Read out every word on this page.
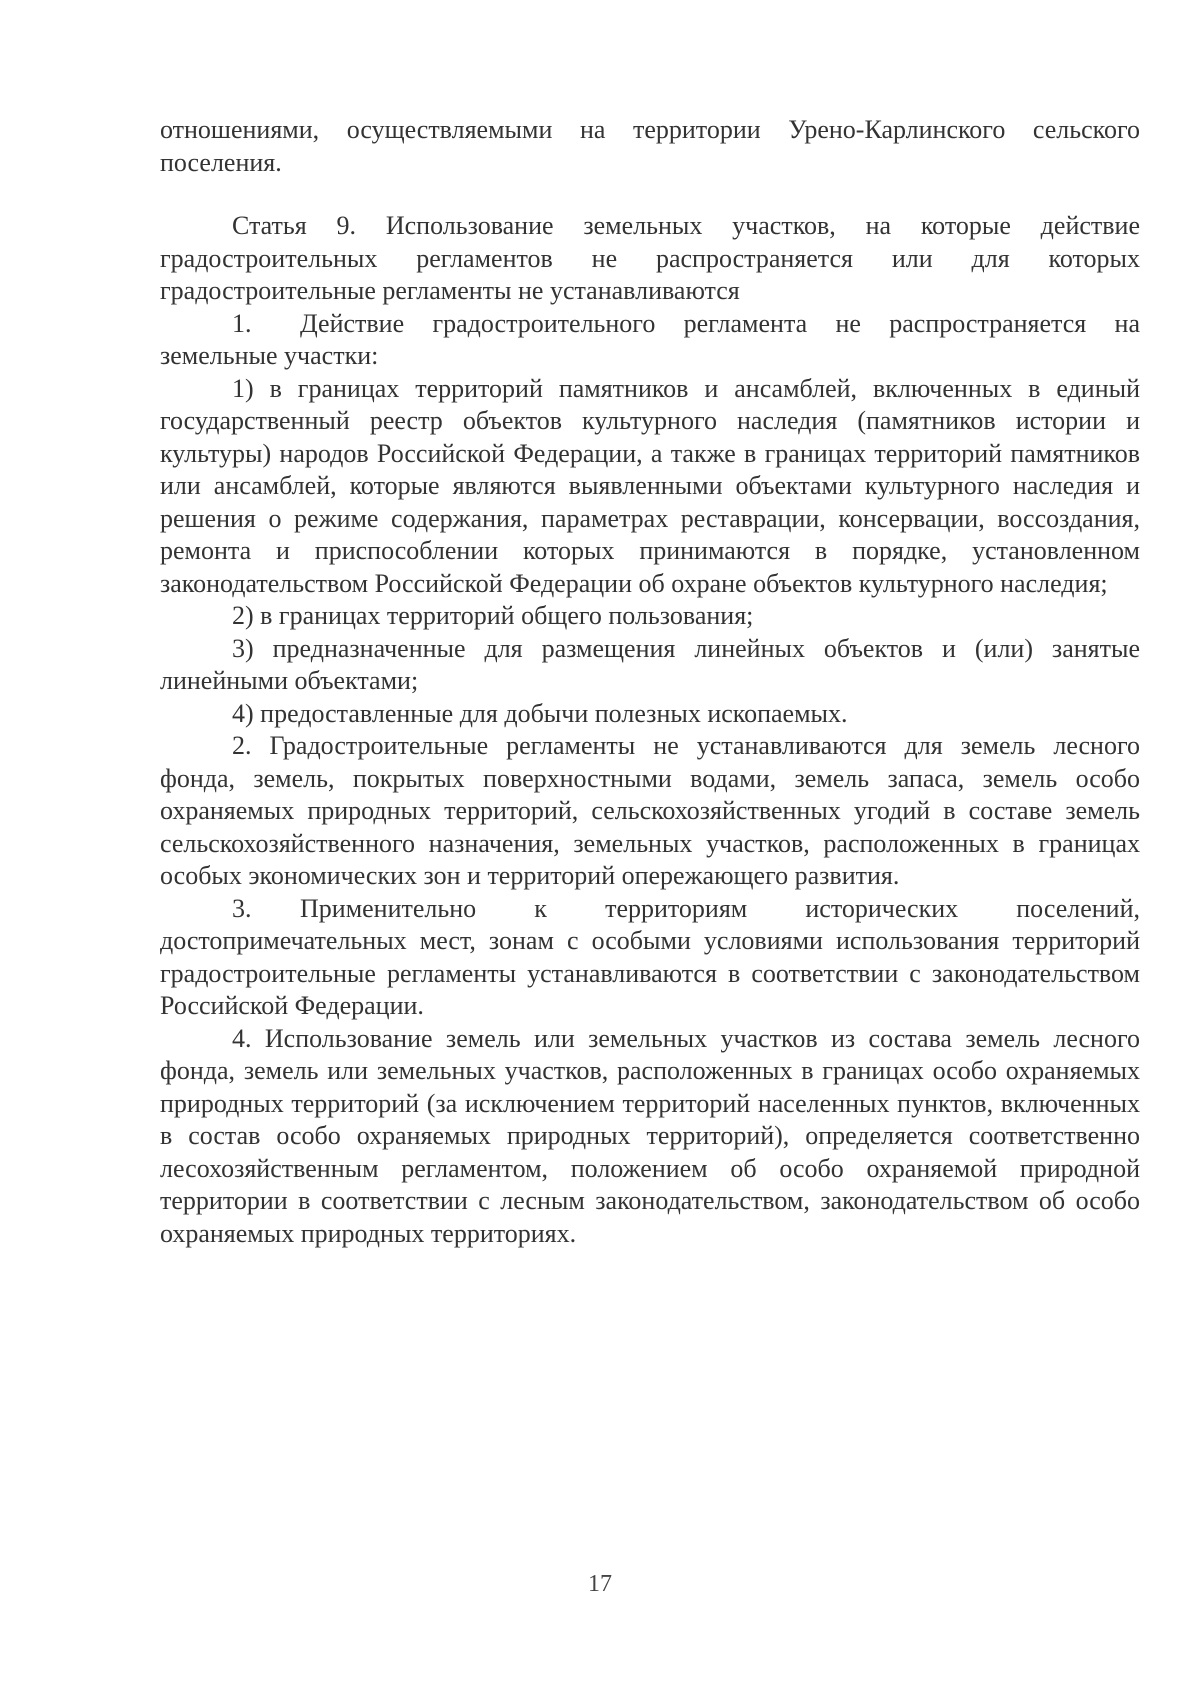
отношениями, осуществляемыми на территории Урено-Карлинского сельского поселения.

Статья 9. Использование земельных участков, на которые действие градостроительных регламентов не распространяется или для которых градостроительные регламенты не устанавливаются

1. Действие градостроительного регламента не распространяется на земельные участки:

1) в границах территорий памятников и ансамблей, включенных в единый государственный реестр объектов культурного наследия (памятников истории и культуры) народов Российской Федерации, а также в границах территорий памятников или ансамблей, которые являются выявленными объектами культурного наследия и решения о режиме содержания, параметрах реставрации, консервации, воссоздания, ремонта и приспособлении которых принимаются в порядке, установленном законодательством Российской Федерации об охране объектов культурного наследия;

2) в границах территорий общего пользования;

3) предназначенные для размещения линейных объектов и (или) занятые линейными объектами;

4) предоставленные для добычи полезных ископаемых.

2. Градостроительные регламенты не устанавливаются для земель лесного фонда, земель, покрытых поверхностными водами, земель запаса, земель особо охраняемых природных территорий, сельскохозяйственных угодий в составе земель сельскохозяйственного назначения, земельных участков, расположенных в границах особых экономических зон и территорий опережающего развития.

3. Применительно к территориям исторических поселений, достопримечательных мест, зонам с особыми условиями использования территорий градостроительные регламенты устанавливаются в соответствии с законодательством Российской Федерации.

4. Использование земель или земельных участков из состава земель лесного фонда, земель или земельных участков, расположенных в границах особо охраняемых природных территорий (за исключением территорий населенных пунктов, включенных в состав особо охраняемых природных территорий), определяется соответственно лесохозяйственным регламентом, положением об особо охраняемой природной территории в соответствии с лесным законодательством, законодательством об особо охраняемых природных территориях.

17
